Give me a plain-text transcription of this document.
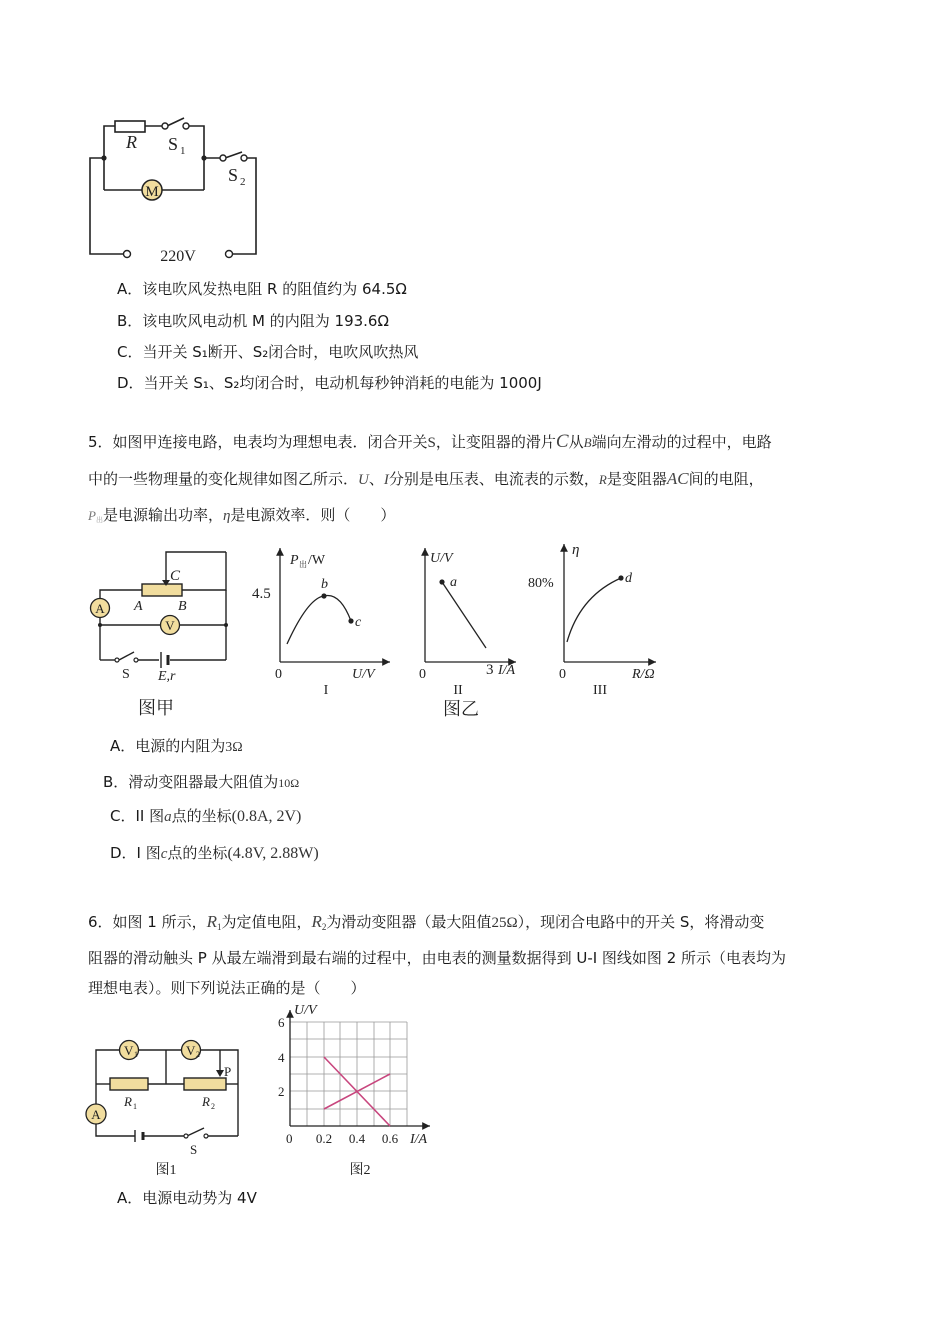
M
R S 1
S 2
220V
A．该电吹风发热电阻 R 的阻值约为 64.5Ω
B．该电吹风电动机 M 的内阻为 193.6Ω
C．当开关 S₁断开、S₂闭合时，电吹风吹热风
D．当开关 S₁、S₂均闭合时，电动机每秒钟消耗的电能为 1000J
5．如图甲连接电路，电表均为理想电表．闭合开关S，让变阻器的滑片C从B端向左滑动的过程中，电路
中的一些物理量的变化规律如图乙所示．U、I分别是电压表、电流表的示数，R是变阻器AC间的电阻，
P出是电源输出功率，η是电源效率．则（　　）
A
V
C
A	B
S E,r
图甲
P 出 /W
4.5
b
c
0	U/V
I
U/V
a
0	3 I/A
II
η
80%	d
0	R/Ω
III
图乙
A．电源的内阻为3Ω
B．滑动变阻器最大阻值为10Ω
C．II 图a点的坐标(0.8A, 2V)
D．I 图c点的坐标(4.8V, 2.88W)
6．如图 1 所示，$R_1$为定值电阻，$R_2$为滑动变阻器（最大阻值25Ω），现闭合电路中的开关 S，将滑动变
阻器的滑动触头 P 从最左端滑到最右端的过程中，由电表的测量数据得到 U-I 图线如图 2 所示（电表均为
理想电表）。则下列说法正确的是（　　）
V 1	V 2
P
R 1	R 2
A
S
图1
U/V
6
4
2
0 0.2 0.4 0.6 I/A
图2
A．电源电动势为 4V
